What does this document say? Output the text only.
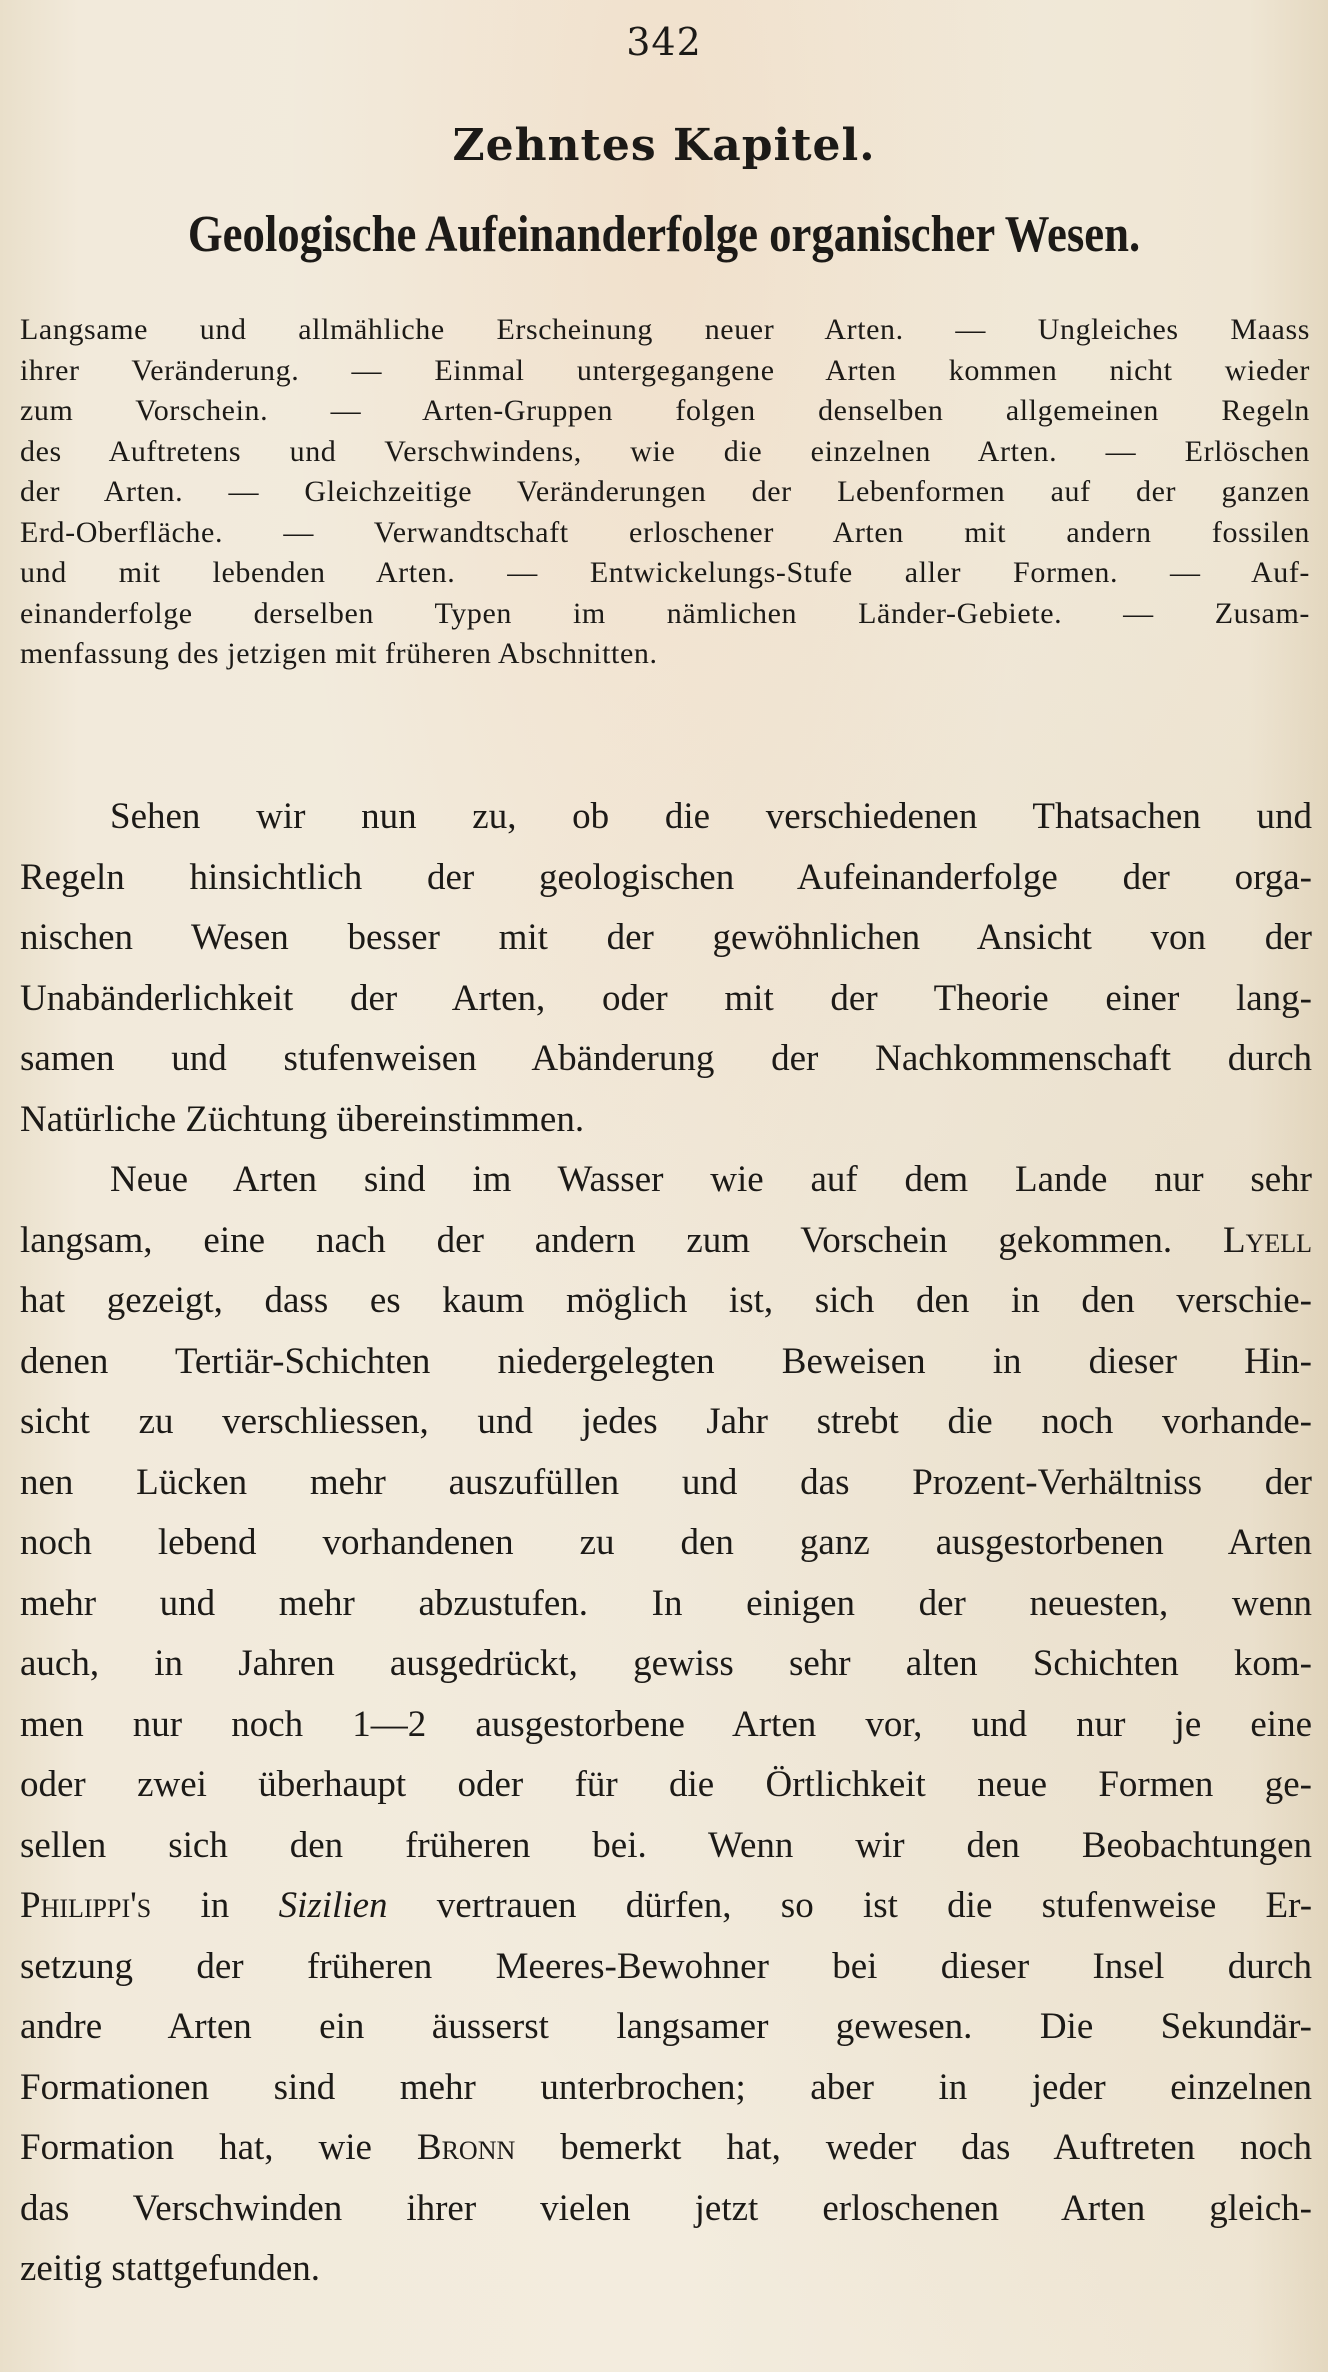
342
Zehntes Kapitel.
Geologische Aufeinanderfolge organischer Wesen.
Langsame und allmähliche Erscheinung neuer Arten. — Ungleiches Maass
ihrer Veränderung. — Einmal untergegangene Arten kommen nicht wieder
zum Vorschein. — Arten-Gruppen folgen denselben allgemeinen Regeln
des Auftretens und Verschwindens, wie die einzelnen Arten. — Erlöschen
der Arten. — Gleichzeitige Veränderungen der Lebenformen auf der ganzen
Erd-Oberfläche. — Verwandtschaft erloschener Arten mit andern fossilen
und mit lebenden Arten. — Entwickelungs-Stufe aller Formen. — Auf-
einanderfolge derselben Typen im nämlichen Länder-Gebiete. — Zusam-
menfassung des jetzigen mit früheren Abschnitten.
Sehen wir nun zu, ob die verschiedenen Thatsachen und
Regeln hinsichtlich der geologischen Aufeinanderfolge der orga-
nischen Wesen besser mit der gewöhnlichen Ansicht von der
Unabänderlichkeit der Arten, oder mit der Theorie einer lang-
samen und stufenweisen Abänderung der Nachkommenschaft durch
Natürliche Züchtung übereinstimmen.
Neue Arten sind im Wasser wie auf dem Lande nur sehr
langsam, eine nach der andern zum Vorschein gekommen. Lyell
hat gezeigt, dass es kaum möglich ist, sich den in den verschie-
denen Tertiär-Schichten niedergelegten Beweisen in dieser Hin-
sicht zu verschliessen, und jedes Jahr strebt die noch vorhande-
nen Lücken mehr auszufüllen und das Prozent-Verhältniss der
noch lebend vorhandenen zu den ganz ausgestorbenen Arten
mehr und mehr abzustufen. In einigen der neuesten, wenn
auch, in Jahren ausgedrückt, gewiss sehr alten Schichten kom-
men nur noch 1—2 ausgestorbene Arten vor, und nur je eine
oder zwei überhaupt oder für die Örtlichkeit neue Formen ge-
sellen sich den früheren bei. Wenn wir den Beobachtungen
Philippi's in Sizilien vertrauen dürfen, so ist die stufenweise Er-
setzung der früheren Meeres-Bewohner bei dieser Insel durch
andre Arten ein äusserst langsamer gewesen. Die Sekundär-
Formationen sind mehr unterbrochen; aber in jeder einzelnen
Formation hat, wie Bronn bemerkt hat, weder das Auftreten noch
das Verschwinden ihrer vielen jetzt erloschenen Arten gleich-
zeitig stattgefunden.
